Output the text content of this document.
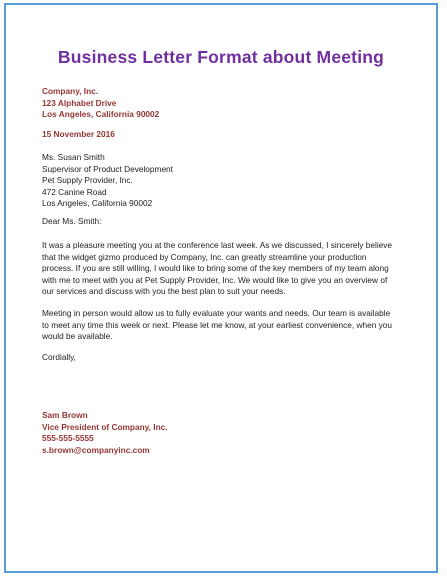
Business Letter Format about Meeting
Company, Inc.
123 Alphabet Drive
Los Angeles, California 90002
15 November 2016
Ms. Susan Smith
Supervisor of Product Development
Pet Supply Provider, Inc.
472 Canine Road
Los Angeles, California 90002
Dear Ms. Smith:
It was a pleasure meeting you at the conference last week. As we discussed, I sincerely believe
that the widget gizmo produced by Company, Inc. can greatly streamline your production
process. If you are still willing, I would like to bring some of the key members of my team along
with me to meet with you at Pet Supply Provider, Inc. We would like to give you an overview of
our services and discuss with you the best plan to suit your needs.
Meeting in person would allow us to fully evaluate your wants and needs. Our team is available
to meet any time this week or next. Please let me know, at your earliest convenience, when you
would be available.
Cordially,
Sam Brown
Vice President of Company, Inc.
555-555-5555
s.brown@companyinc.com
